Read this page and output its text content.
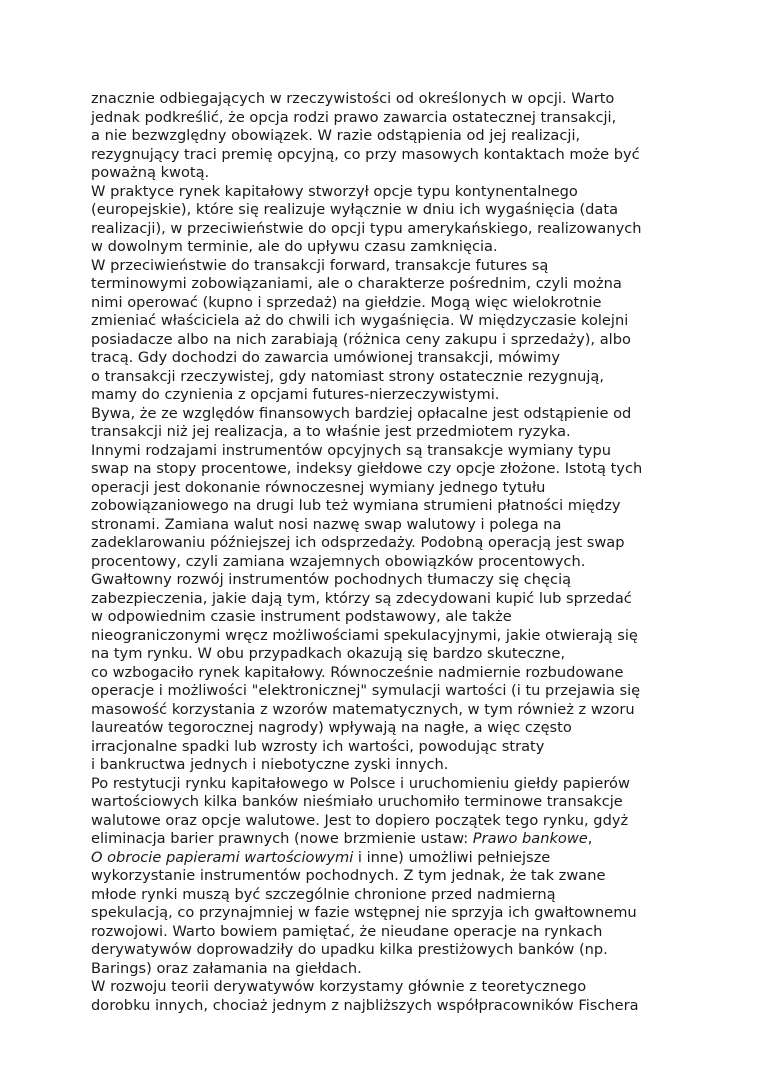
znacznie odbiegających w rzeczywistości od określonych w opcji. Warto
jednak podkreślić, że opcja rodzi prawo zawarcia ostatecznej transakcji,
a nie bezwzględny obowiązek. W razie odstąpienia od jej realizacji,
rezygnujący traci premię opcyjną, co przy masowych kontaktach może być
poważną kwotą.
W praktyce rynek kapitałowy stworzył opcje typu kontynentalnego
(europejskie), które się realizuje wyłącznie w dniu ich wygaśnięcia (data
realizacji), w przeciwieństwie do opcji typu amerykańskiego, realizowanych
w dowolnym terminie, ale do upływu czasu zamknięcia.
W przeciwieństwie do transakcji forward, transakcje futures są
terminowymi zobowiązaniami, ale o charakterze pośrednim, czyli można
nimi operować (kupno i sprzedaż) na giełdzie. Mogą więc wielokrotnie
zmieniać właściciela aż do chwili ich wygaśnięcia. W międzyczasie kolejni
posiadacze albo na nich zarabiają (różnica ceny zakupu i sprzedaży), albo
tracą. Gdy dochodzi do zawarcia umówionej transakcji, mówimy
o transakcji rzeczywistej, gdy natomiast strony ostatecznie rezygnują,
mamy do czynienia z opcjami futures-nierzeczywistymi.
Bywa, że ze względów finansowych bardziej opłacalne jest odstąpienie od
transakcji niż jej realizacja, a to właśnie jest przedmiotem ryzyka.
Innymi rodzajami instrumentów opcyjnych są transakcje wymiany typu
swap na stopy procentowe, indeksy giełdowe czy opcje złożone. Istotą tych
operacji jest dokonanie równoczesnej wymiany jednego tytułu
zobowiązaniowego na drugi lub też wymiana strumieni płatności między
stronami. Zamiana walut nosi nazwę swap walutowy i polega na
zadeklarowaniu późniejszej ich odsprzedaży. Podobną operacją jest swap
procentowy, czyli zamiana wzajemnych obowiązków procentowych.
Gwałtowny rozwój instrumentów pochodnych tłumaczy się chęcią
zabezpieczenia, jakie dają tym, którzy są zdecydowani kupić lub sprzedać
w odpowiednim czasie instrument podstawowy, ale także
nieograniczonymi wręcz możliwościami spekulacyjnymi, jakie otwierają się
na tym rynku. W obu przypadkach okazują się bardzo skuteczne,
co wzbogaciło rynek kapitałowy. Równocześnie nadmiernie rozbudowane
operacje i możliwości "elektronicznej" symulacji wartości (i tu przejawia się
masowość korzystania z wzorów matematycznych, w tym również z wzoru
laureatów tegorocznej nagrody) wpływają na nagłe, a więc często
irracjonalne spadki lub wzrosty ich wartości, powodując straty
i bankructwa jednych i niebotyczne zyski innych.
Po restytucji rynku kapitałowego w Polsce i uruchomieniu giełdy papierów
wartościowych kilka banków nieśmiało uruchomiło terminowe transakcje
walutowe oraz opcje walutowe. Jest to dopiero początek tego rynku, gdyż
eliminacja barier prawnych (nowe brzmienie ustaw: Prawo bankowe,
O obrocie papierami wartościowymi i inne) umożliwi pełniejsze
wykorzystanie instrumentów pochodnych. Z tym jednak, że tak zwane
młode rynki muszą być szczególnie chronione przed nadmierną
spekulacją, co przynajmniej w fazie wstępnej nie sprzyja ich gwałtownemu
rozwojowi. Warto bowiem pamiętać, że nieudane operacje na rynkach
derywatywów doprowadziły do upadku kilka prestiżowych banków (np.
Barings) oraz załamania na giełdach.
W rozwoju teorii derywatywów korzystamy głównie z teoretycznego
dorobku innych, chociaż jednym z najbliższych współpracowników Fischera
